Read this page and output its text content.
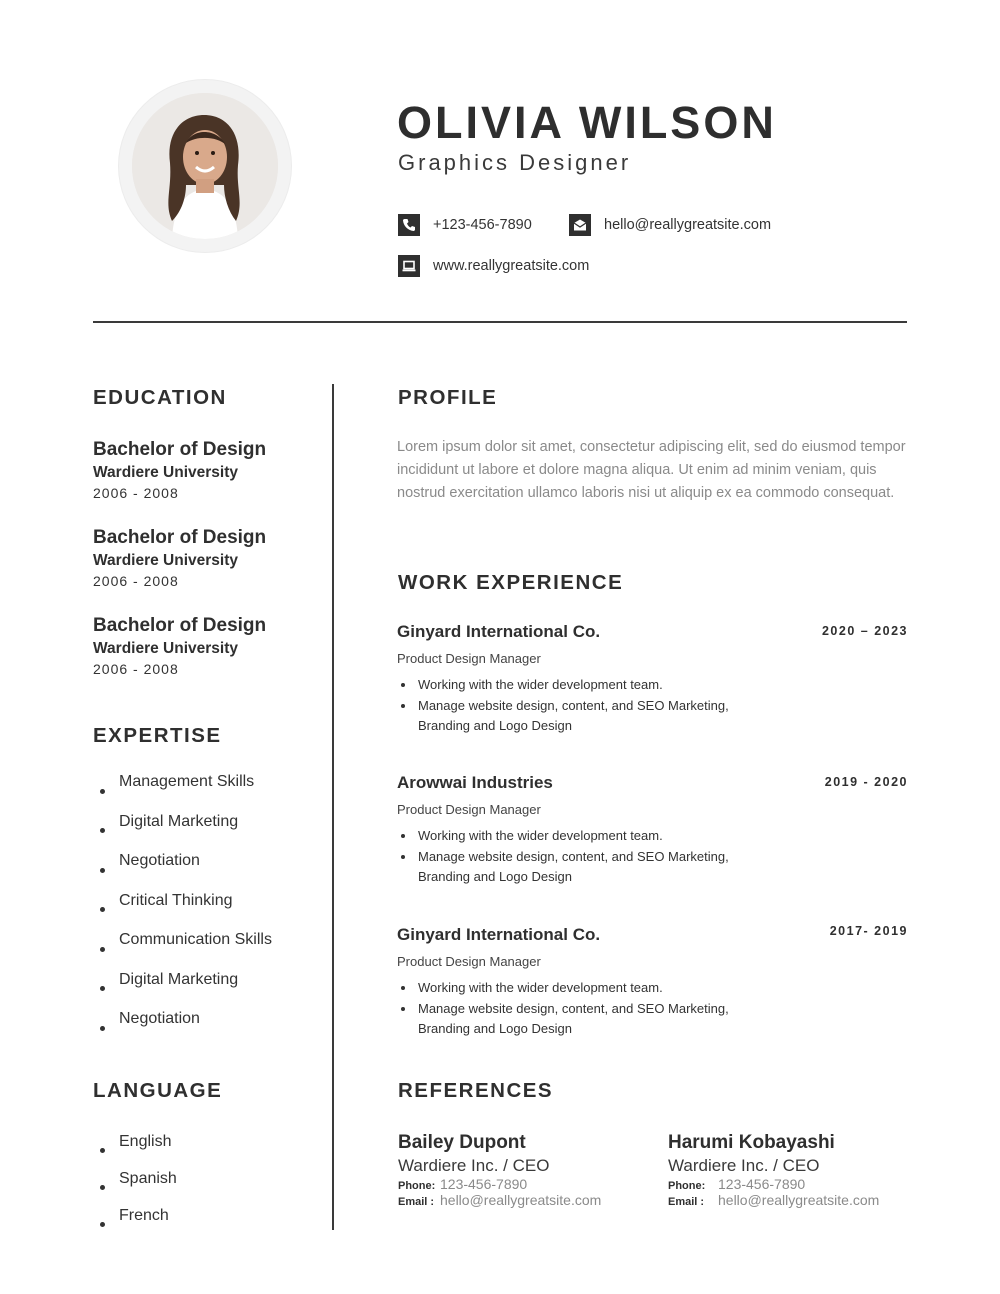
OLIVIA WILSON
Graphics Designer
+123-456-7890	hello@reallygreatsite.com
www.reallygreatsite.com
EDUCATION
Bachelor of Design
Wardiere University
2006 - 2008
Bachelor of Design
Wardiere University
2006 - 2008
Bachelor of Design
Wardiere University
2006 - 2008
EXPERTISE
Management Skills
Digital Marketing
Negotiation
Critical Thinking
Communication Skills
Digital Marketing
Negotiation
LANGUAGE
English
Spanish
French
PROFILE

Lorem ipsum dolor sit amet, consectetur adipiscing elit, sed do eiusmod tempor incididunt ut labore et dolore magna aliqua. Ut enim ad minim veniam, quis nostrud exercitation ullamco laboris nisi ut aliquip ex ea commodo consequat.

WORK EXPERIENCE
Ginyard International Co.	2020 – 2023
Product Design Manager
Working with the wider development team.
Manage website design, content, and SEO Marketing, Branding and Logo Design
Arowwai Industries	2019 - 2020
Product Design Manager
Working with the wider development team.
Manage website design, content, and SEO Marketing, Branding and Logo Design
Ginyard International Co.	2017- 2019
Product Design Manager
Working with the wider development team.
Manage website design, content, and SEO Marketing, Branding and Logo Design
REFERENCES
Bailey Dupont
Wardiere Inc. / CEO
Phone: 123-456-7890
Email : hello@reallygreatsite.com
Harumi Kobayashi
Wardiere Inc. / CEO
Phone: 123-456-7890
Email : hello@reallygreatsite.com
